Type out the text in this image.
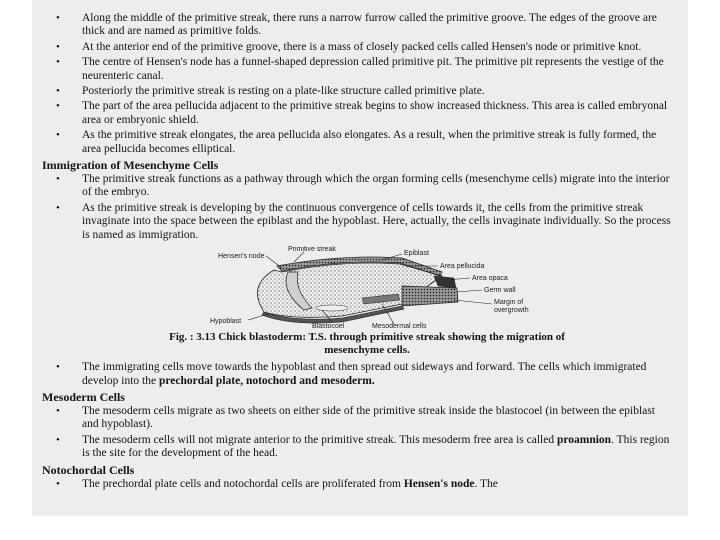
• Along the middle of the primitive streak, there runs a narrow furrow called the primitive groove. The edges of the groove are thick and are named as primitive folds.
• At the anterior end of the primitive groove, there is a mass of closely packed cells called Hensen's node or primitive knot.
• The centre of Hensen's node has a funnel-shaped depression called primitive pit. The primitive pit represents the vestige of the neurenteric canal.
• Posteriorly the primitive streak is resting on a plate-like structure called primitive plate.
• The part of the area pellucida adjacent to the primitive streak begins to show increased thickness. This area is called embryonal area or embryonic shield.
• As the primitive streak elongates, the area pellucida also elongates. As a result, when the primitive streak is fully formed, the area pellucida becomes elliptical.
Immigration of Mesenchyme Cells
• The primitive streak functions as a pathway through which the organ forming cells (mesenchyme cells) migrate into the interior of the embryo.
• As the primitive streak is developing by the continuous convergence of cells towards it, the cells from the primitive streak invaginate into the space between the epiblast and the hypoblast. Here, actually, the cells invaginate individually. So the process is named as immigration.
Primitive streak
Hensen's node	Epiblast
Area pellucida
Area opaca
Germ wall
Margin of
overgrowth
Hypoblast
Blastocoel	Mesodermal cells
Fig. : 3.13 Chick blastoderm: T.S. through primitive streak showing the migration of
mesenchyme cells.
• The immigrating cells move towards the hypoblast and then spread out sideways and forward. The cells which immigrated develop into the prechordal plate, notochord and mesoderm.
Mesoderm Cells
• The mesoderm cells migrate as two sheets on either side of the primitive streak inside the blastocoel (in between the epiblast and hypoblast).
• The mesoderm cells will not migrate anterior to the primitive streak. This mesoderm free area is called proamnion. This region is the site for the development of the head.
Notochordal Cells
• The prechordal plate cells and notochordal cells are proliferated from Hensen's node. The
